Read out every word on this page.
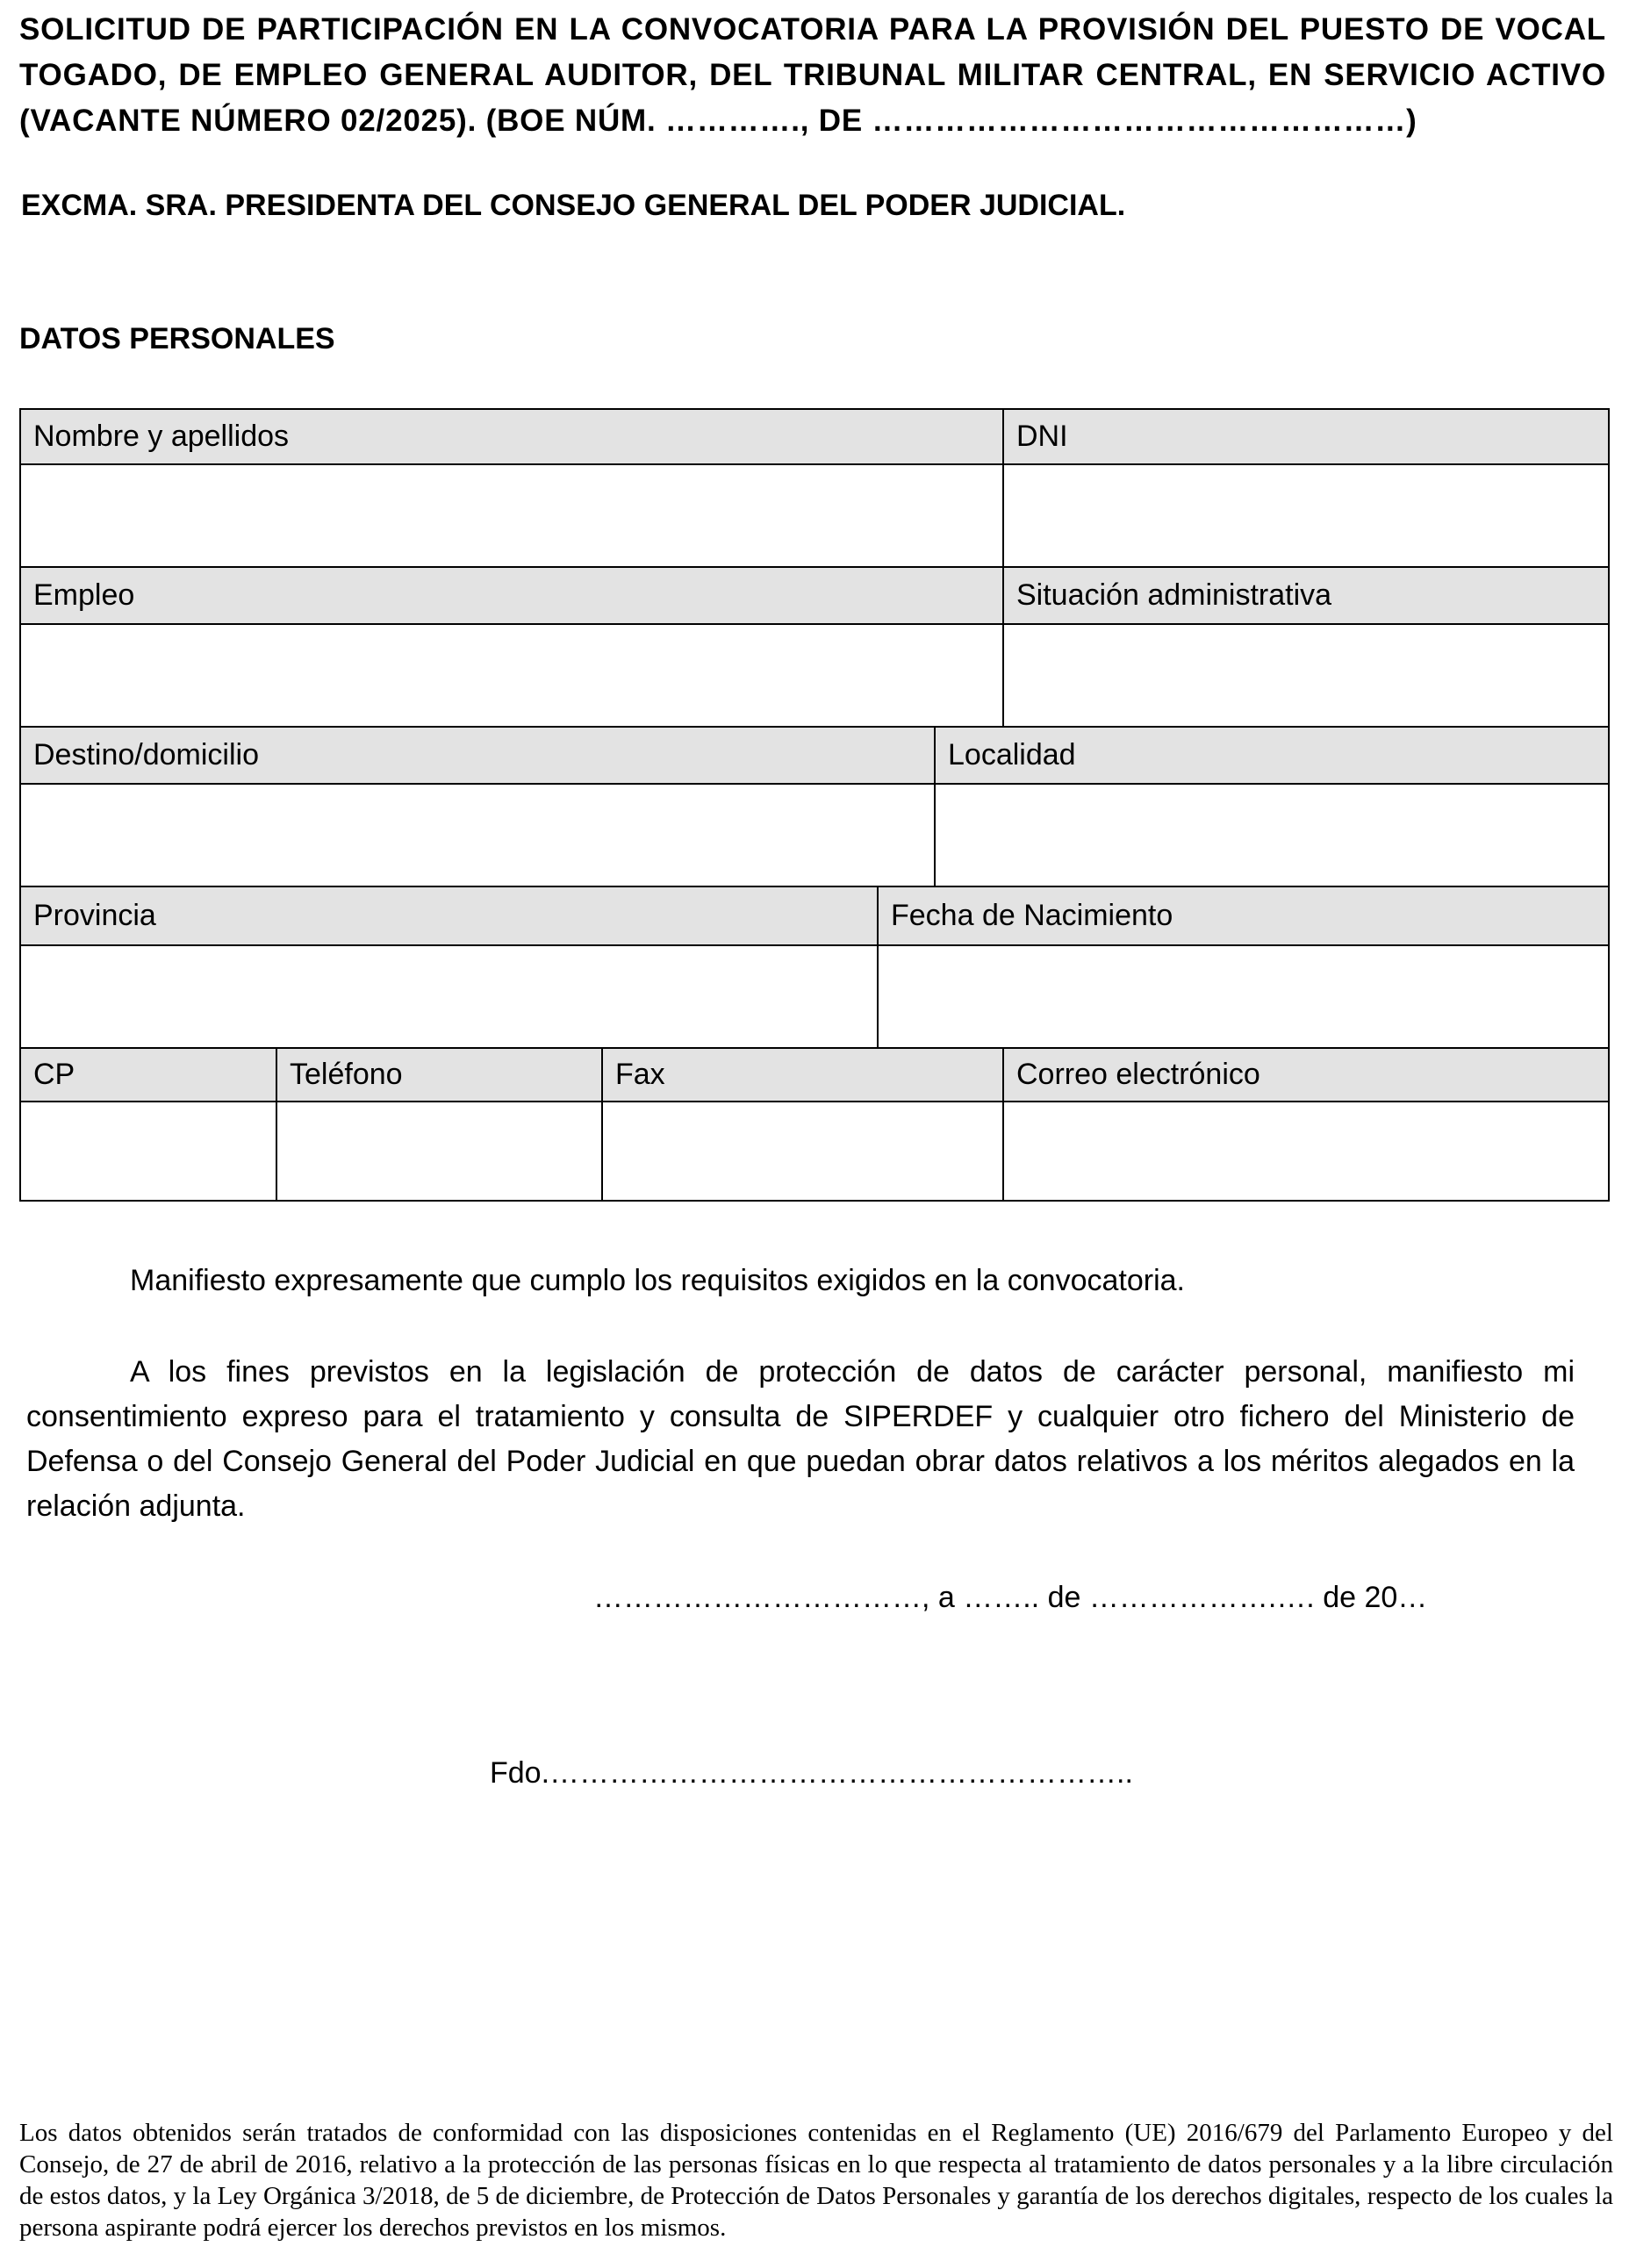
SOLICITUD DE PARTICIPACIÓN EN LA CONVOCATORIA PARA LA PROVISIÓN DEL PUESTO DE VOCAL
TOGADO, DE EMPLEO GENERAL AUDITOR, DEL TRIBUNAL MILITAR CENTRAL, EN SERVICIO ACTIVO
(VACANTE NÚMERO 02/2025). (BOE NÚM. …………., DE ……………………………………………)
EXCMA. SRA. PRESIDENTA DEL CONSEJO GENERAL DEL PODER JUDICIAL.
DATOS PERSONALES
Nombre y apellidos	DNI
Empleo	Situación administrativa
Destino/domicilio	Localidad
Provincia	Fecha de Nacimiento
CP	Teléfono	Fax	Correo electrónico
Manifiesto expresamente que cumplo los requisitos exigidos en la convocatoria.
A los fines previstos en la legislación de protección de datos de carácter personal, manifiesto mi consentimiento expreso para el tratamiento y consulta de SIPERDEF y cualquier otro fichero del Ministerio de Defensa o del Consejo General del Poder Judicial en que puedan obrar datos relativos a los méritos alegados en la relación adjunta.
……………………………, a …….. de ……………….…. de 20…
Fdo.…………………………………………………..
Los datos obtenidos serán tratados de conformidad con las disposiciones contenidas en el Reglamento (UE) 2016/679 del Parlamento Europeo y del Consejo, de 27 de abril de 2016, relativo a la protección de las personas físicas en lo que respecta al tratamiento de datos personales y a la libre circulación de estos datos, y la Ley Orgánica 3/2018, de 5 de diciembre, de Protección de Datos Personales y garantía de los derechos digitales, respecto de los cuales la persona aspirante podrá ejercer los derechos previstos en los mismos.
